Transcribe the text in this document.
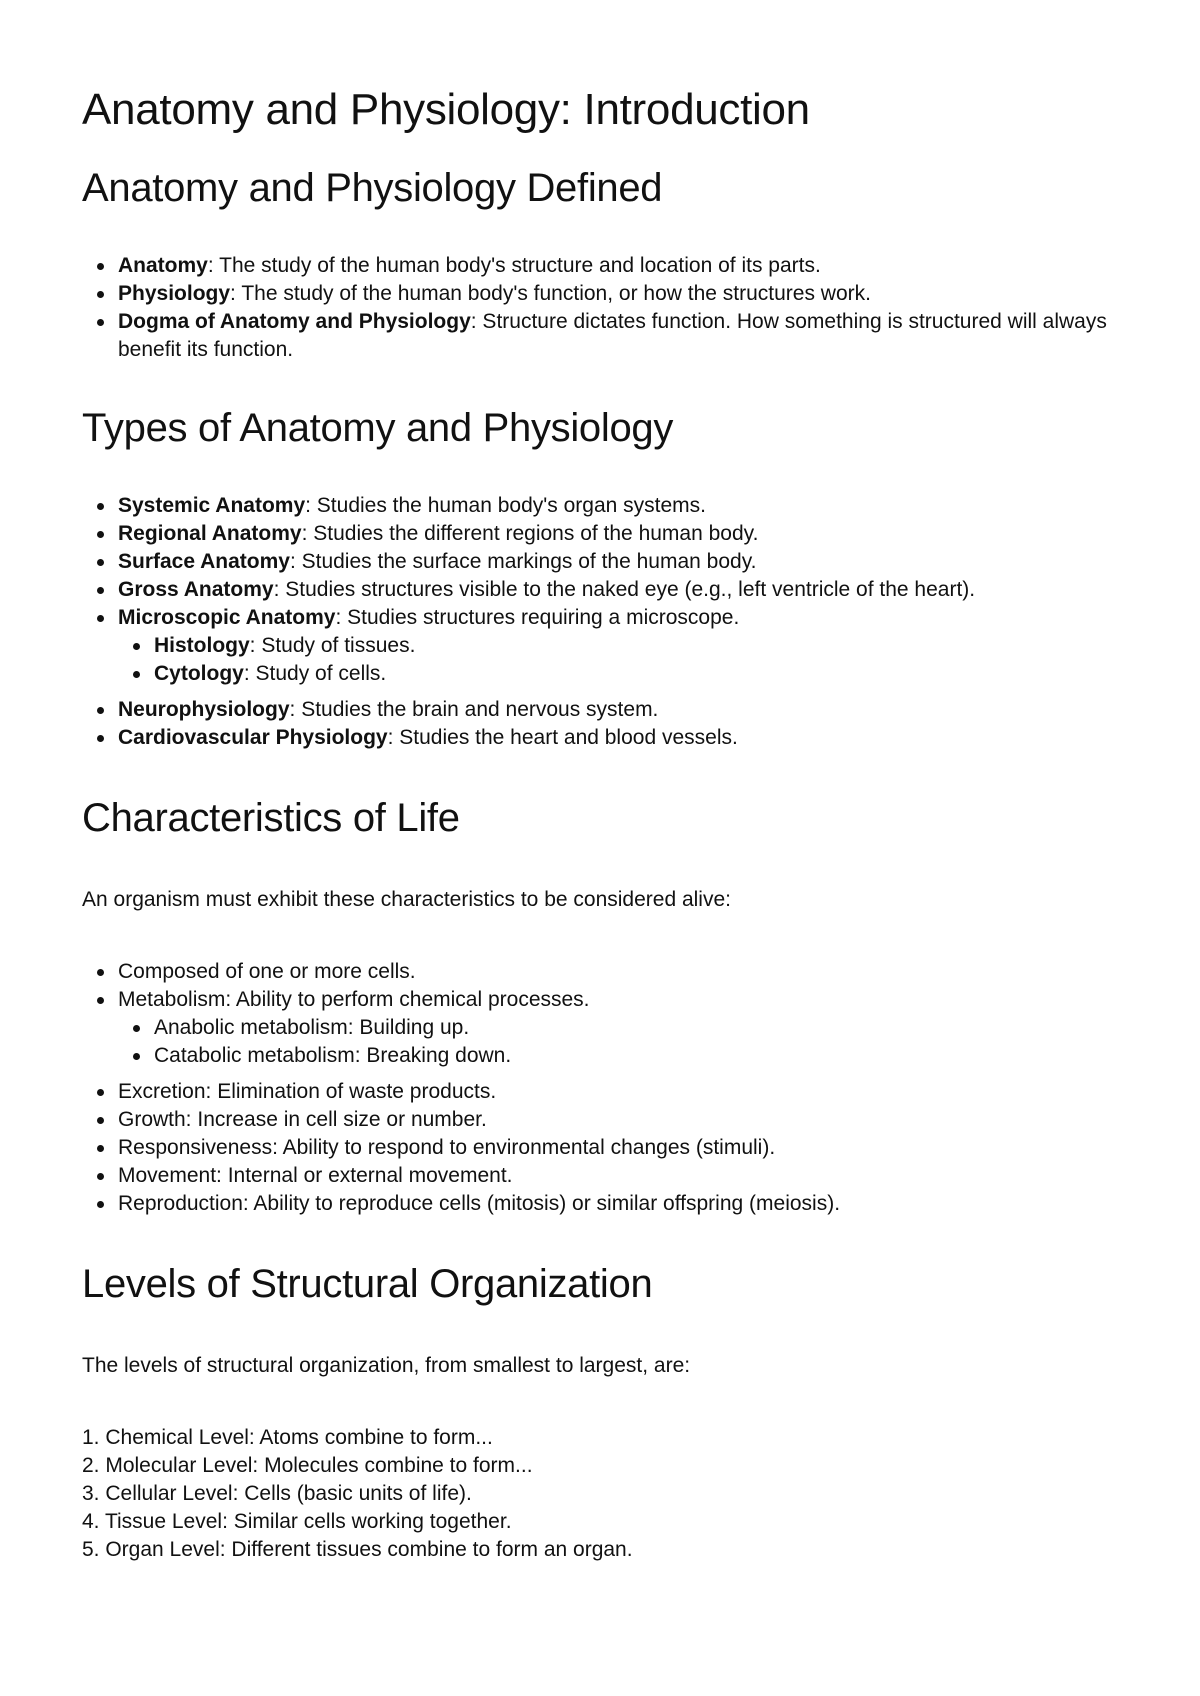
Anatomy and Physiology: Introduction
Anatomy and Physiology Defined
Anatomy: The study of the human body's structure and location of its parts.
Physiology: The study of the human body's function, or how the structures work.
Dogma of Anatomy and Physiology: Structure dictates function. How something is structured will always benefit its function.
Types of Anatomy and Physiology
Systemic Anatomy: Studies the human body's organ systems.
Regional Anatomy: Studies the different regions of the human body.
Surface Anatomy: Studies the surface markings of the human body.
Gross Anatomy: Studies structures visible to the naked eye (e.g., left ventricle of the heart).
Microscopic Anatomy: Studies structures requiring a microscope.
Histology: Study of tissues.
Cytology: Study of cells.
Neurophysiology: Studies the brain and nervous system.
Cardiovascular Physiology: Studies the heart and blood vessels.
Characteristics of Life

An organism must exhibit these characteristics to be considered alive:

Composed of one or more cells.
Metabolism: Ability to perform chemical processes.
Anabolic metabolism: Building up.
Catabolic metabolism: Breaking down.
Excretion: Elimination of waste products.
Growth: Increase in cell size or number.
Responsiveness: Ability to respond to environmental changes (stimuli).
Movement: Internal or external movement.
Reproduction: Ability to reproduce cells (mitosis) or similar offspring (meiosis).
Levels of Structural Organization

The levels of structural organization, from smallest to largest, are:

1. Chemical Level: Atoms combine to form...
2. Molecular Level: Molecules combine to form...
3. Cellular Level: Cells (basic units of life).
4. Tissue Level: Similar cells working together.
5. Organ Level: Different tissues combine to form an organ.
